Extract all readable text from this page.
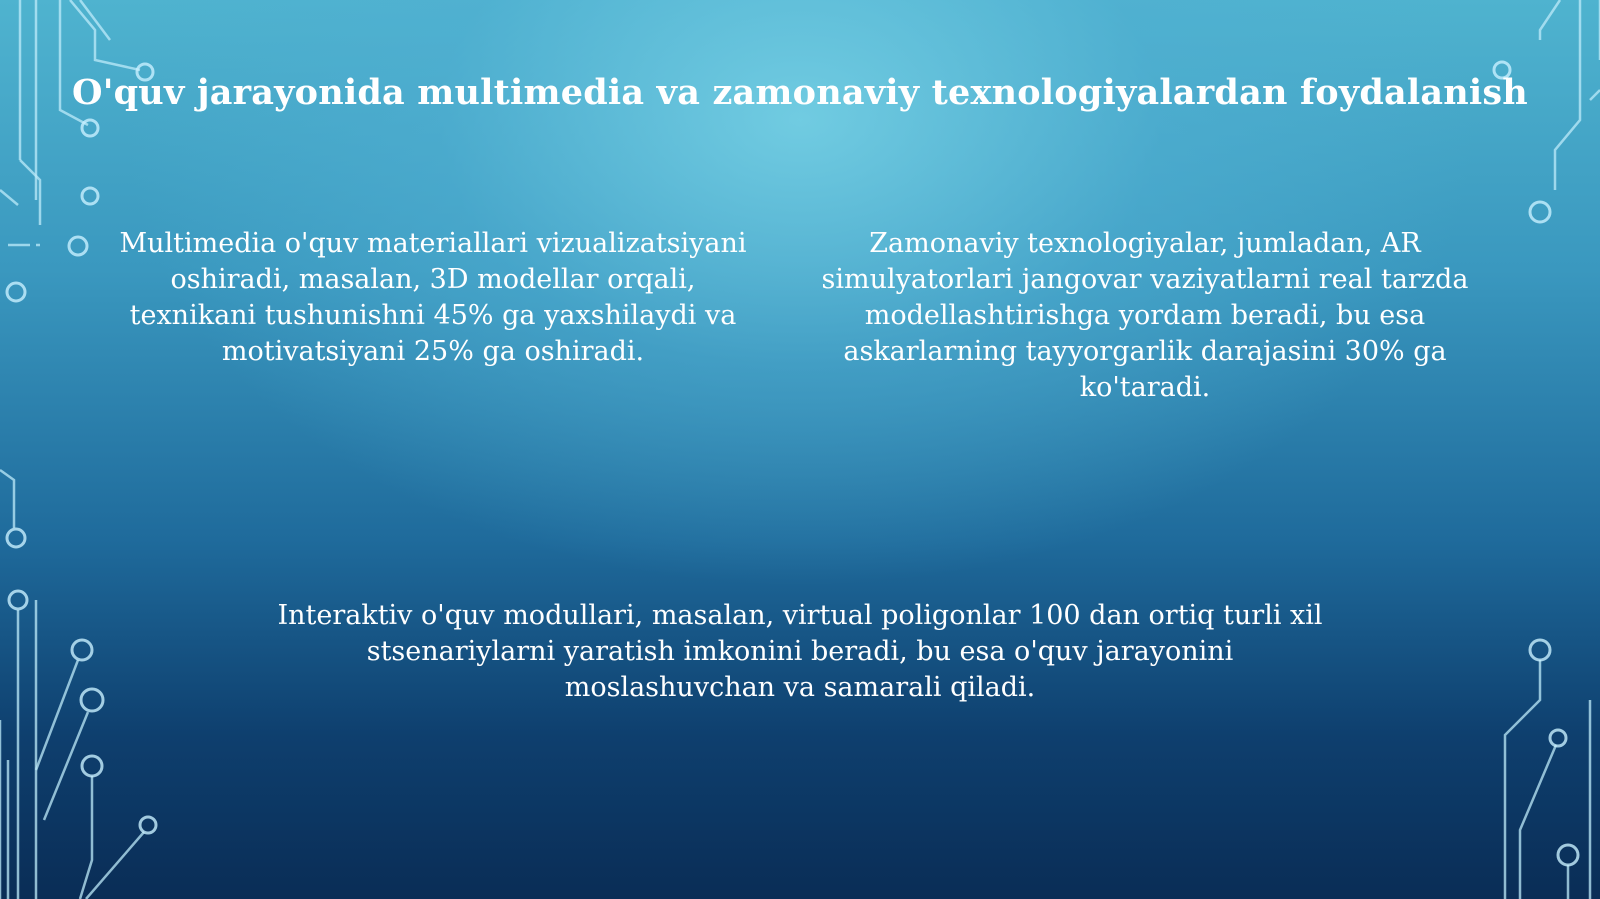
O'quv jarayonida multimedia va zamonaviy texnologiyalardan foydalanish

Multimedia o'quv materiallari vizualizatsiyani oshiradi, masalan, 3D modellar orqali, texnikani tushunishni 45% ga yaxshilaydi va motivatsiyani 25% ga oshiradi.

Zamonaviy texnologiyalar, jumladan, AR simulyatorlari jangovar vaziyatlarni real tarzda modellashtirishga yordam beradi, bu esa askarlarning tayyorgarlik darajasini 30% ga ko'taradi.

Interaktiv o'quv modullari, masalan, virtual poligonlar 100 dan ortiq turli xil stsenariylarni yaratish imkonini beradi, bu esa o'quv jarayonini moslashuvchan va samarali qiladi.
